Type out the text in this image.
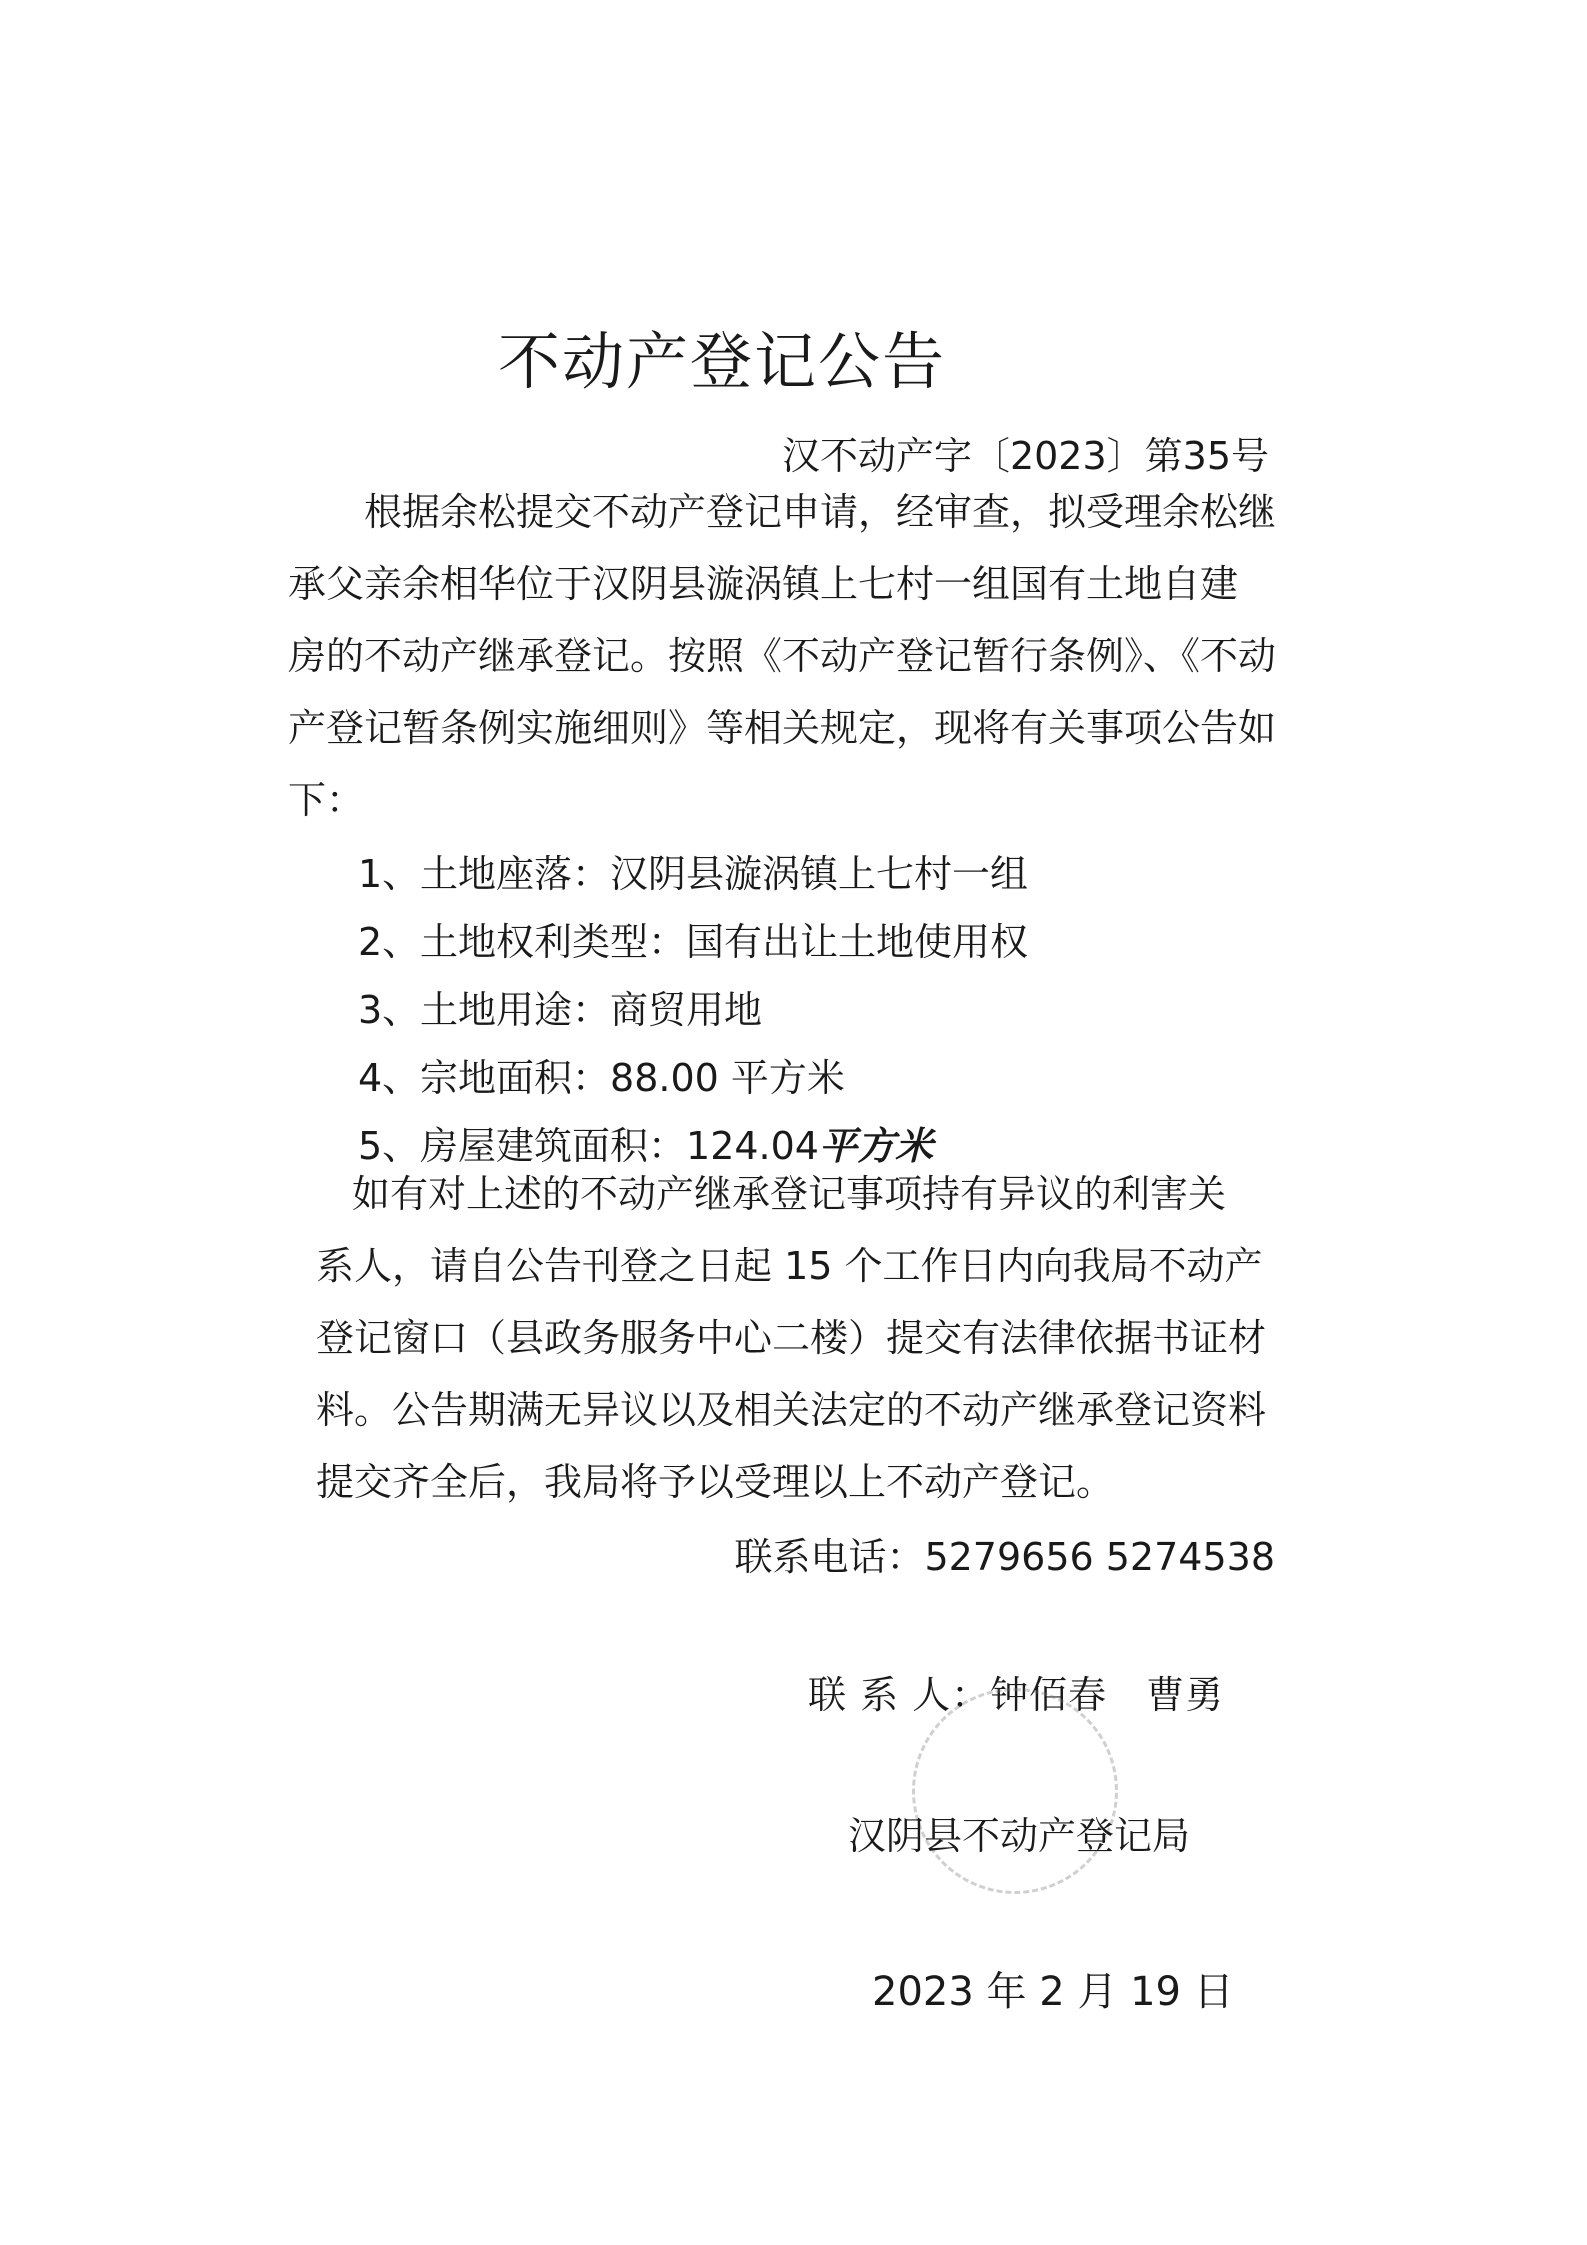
不动产登记公告
汉不动产字〔2023〕第35号
根据余松提交不动产登记申请，经审查，拟受理余松继
承父亲余相华位于汉阴县漩涡镇上七村一组国有土地自建
房的不动产继承登记。按照《不动产登记暂行条例》、《不动
产登记暂条例实施细则》等相关规定，现将有关事项公告如
下：
1、土地座落：汉阴县漩涡镇上七村一组
2、土地权利类型：国有出让土地使用权
3、土地用途：商贸用地
4、宗地面积：88.00 平方米
5、房屋建筑面积：124.04平方米
如有对上述的不动产继承登记事项持有异议的利害关
系人，请自公告刊登之日起 15 个工作日内向我局不动产
登记窗口（县政务服务中心二楼）提交有法律依据书证材
料。公告期满无异议以及相关法定的不动产继承登记资料
提交齐全后，我局将予以受理以上不动产登记。
联系电话：5279656 5274538
联 系 人：钟佰春　曹勇
汉阴县不动产登记局
2023 年 2 月 19 日
